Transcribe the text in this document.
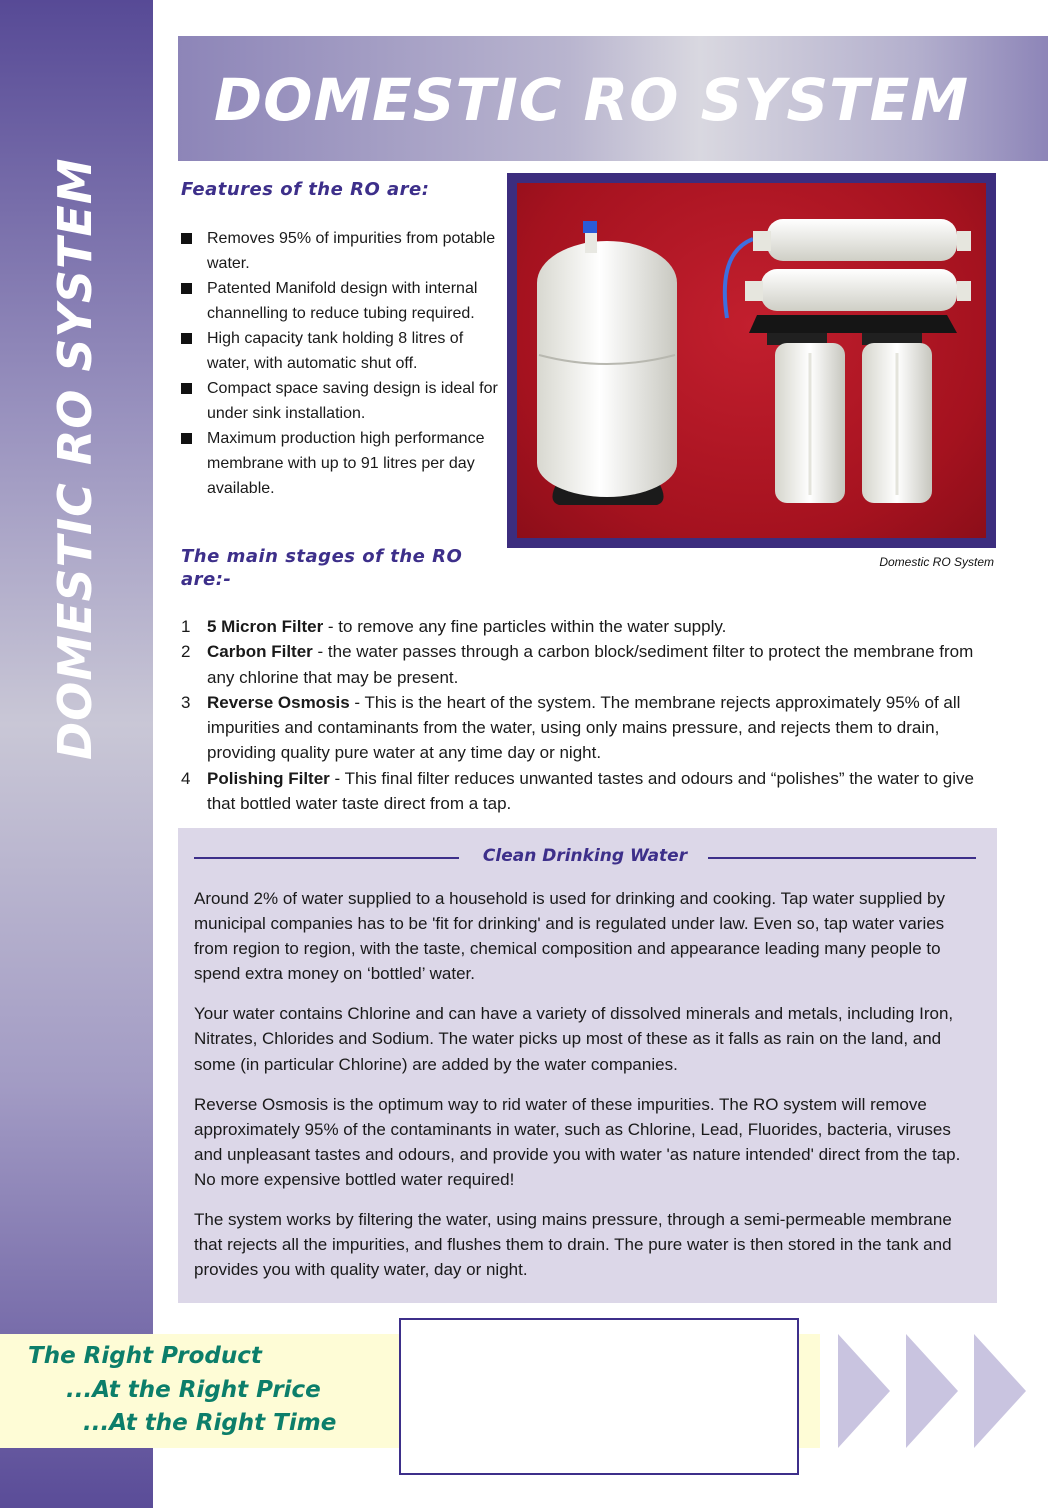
DOMESTIC RO SYSTEM
DOMESTIC RO SYSTEM
Features of the RO are:
Removes 95% of impurities from potable water.
Patented Manifold design with internal channelling to reduce tubing required.
High capacity tank holding 8 litres of water, with automatic shut off.
Compact space saving design is ideal for under sink installation.
Maximum production high performance membrane with up to 91 litres per day available.
Domestic RO System
The main stages of the RO are:-
1 5 Micron Filter - to remove any fine particles within the water supply.
2 Carbon Filter - the water passes through a carbon block/sediment filter to protect the membrane from any chlorine that may be present.
3 Reverse Osmosis - This is the heart of the system. The membrane rejects approximately 95% of all impurities and contaminants from the water, using only mains pressure, and rejects them to drain, providing quality pure water at any time day or night.
4 Polishing Filter - This final filter reduces unwanted tastes and odours and “polishes” the water to give that bottled water taste direct from a tap.
Clean Drinking Water

Around 2% of water supplied to a household is used for drinking and cooking. Tap water supplied by municipal companies has to be 'fit for drinking' and is regulated under law. Even so, tap water varies from region to region, with the taste, chemical composition and appearance leading many people to spend extra money on ‘bottled’ water.

Your water contains Chlorine and can have a variety of dissolved minerals and metals, including Iron, Nitrates, Chlorides and Sodium. The water picks up most of these as it falls as rain on the land, and some (in particular Chlorine) are added by the water companies.

Reverse Osmosis is the optimum way to rid water of these impurities. The RO system will remove approximately 95% of the contaminants in water, such as Chlorine, Lead, Fluorides, bacteria, viruses and unpleasant tastes and odours, and provide you with water 'as nature intended' direct from the tap. No more expensive bottled water required!

The system works by filtering the water, using mains pressure, through a semi-permeable membrane that rejects all the impurities, and flushes them to drain. The pure water is then stored in the tank and provides you with quality water, day or night.

The Right Product
...At the Right Price
...At the Right Time
